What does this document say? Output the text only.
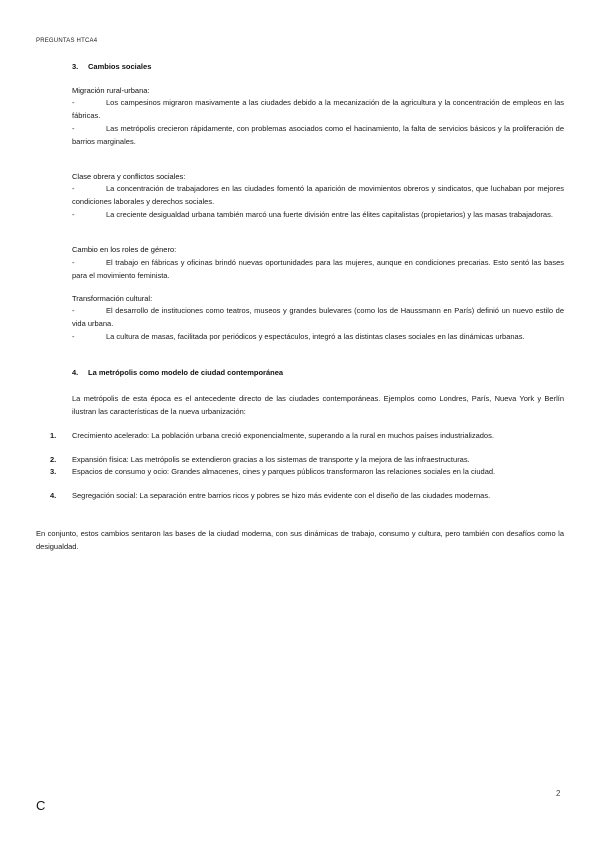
PREGUNTAS HTCA4
3. Cambios sociales
Migración rural-urbana:
-	Los campesinos migraron masivamente a las ciudades debido a la mecanización de la agricultura y la concentración de empleos en las fábricas.
-	Las metrópolis crecieron rápidamente, con problemas asociados como el hacinamiento, la falta de servicios básicos y la proliferación de barrios marginales.
Clase obrera y conflictos sociales:
-	La concentración de trabajadores en las ciudades fomentó la aparición de movimientos obreros y sindicatos, que luchaban por mejores condiciones laborales y derechos sociales.
-	La creciente desigualdad urbana también marcó una fuerte división entre las élites capitalistas (propietarios) y las masas trabajadoras.
Cambio en los roles de género:
-	El trabajo en fábricas y oficinas brindó nuevas oportunidades para las mujeres, aunque en condiciones precarias. Esto sentó las bases para el movimiento feminista.
Transformación cultural:
-	El desarrollo de instituciones como teatros, museos y grandes bulevares (como los de Haussmann en París) definió un nuevo estilo de vida urbana.
-	La cultura de masas, facilitada por periódicos y espectáculos, integró a las distintas clases sociales en las dinámicas urbanas.
4. La metrópolis como modelo de ciudad contemporánea
La metrópolis de esta época es el antecedente directo de las ciudades contemporáneas. Ejemplos como Londres, París, Nueva York y Berlín ilustran las características de la nueva urbanización:
1.	Crecimiento acelerado: La población urbana creció exponencialmente, superando a la rural en muchos países industrializados.
2.	Expansión física: Las metrópolis se extendieron gracias a los sistemas de transporte y la mejora de las infraestructuras.
3.	Espacios de consumo y ocio: Grandes almacenes, cines y parques públicos transformaron las relaciones sociales en la ciudad.
4.	Segregación social: La separación entre barrios ricos y pobres se hizo más evidente con el diseño de las ciudades modernas.
En conjunto, estos cambios sentaron las bases de la ciudad moderna, con sus dinámicas de trabajo, consumo y cultura, pero también con desafíos como la desigualdad.
2
C
